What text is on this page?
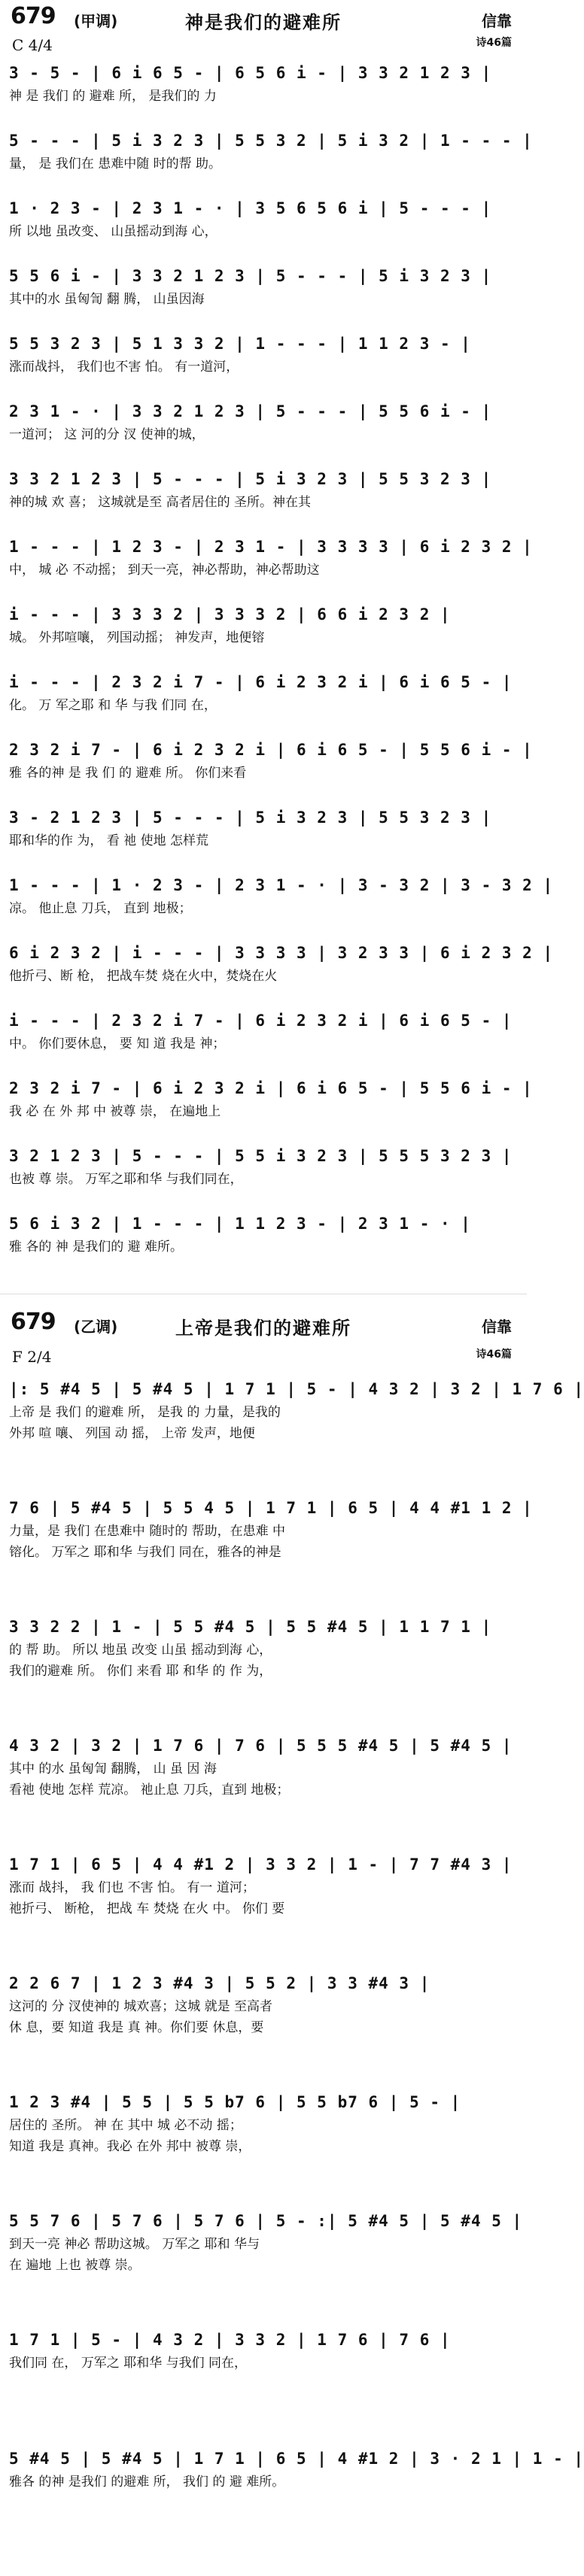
679 (甲调)	神是我们的避难所	信靠
C 4/4	诗46篇
3 - 5 - | 6 i 6 5 - | 6 5 6 i - | 3 3 2 1 2 3 |
神 是 我们 的 避难 所， 是我们的 力
5 - - - | 5 i 3 2 3 | 5 5 3 2 | 5 i 3 2 | 1 - - - |
量， 是 我们在 患难中随 时的帮 助。
1 · 2 3 - | 2 3 1 - · | 3 5 6 5 6 i | 5 - - - |
所 以地 虽改变、 山虽摇动到海 心，
5 5 6 i - | 3 3 2 1 2 3 | 5 - - - | 5 i 3 2 3 |
其中的水 虽匈訇 翻 腾， 山虽因海
5 5 3 2 3 | 5 1 3 3 2 | 1 - - - | 1 1 2 3 - |
涨而战抖， 我们也不害 怕。 有一道河，
2 3 1 - · | 3 3 2 1 2 3 | 5 - - - | 5 5 6 i - |
一道河； 这 河的分 汊 使神的城，
3 3 2 1 2 3 | 5 - - - | 5 i 3 2 3 | 5 5 3 2 3 |
神的城 欢 喜； 这城就是至 高者居住的 圣所。神在其
1 - - - | 1 2 3 - | 2 3 1 - | 3 3 3 3 | 6 i 2 3 2 |
中， 城 必 不动摇； 到天一亮，神必帮助，神必帮助这
i - - - | 3 3 3 2 | 3 3 3 2 | 6 6 i 2 3 2 |
城。 外邦喧嚷， 列国动摇； 神发声，地便镕
i - - - | 2 3 2 i 7 - | 6 i 2 3 2 i | 6 i 6 5 - |
化。 万 军之耶 和 华 与我 们同 在，
2 3 2 i 7 - | 6 i 2 3 2 i | 6 i 6 5 - | 5 5 6 i - |
雅 各的神 是 我 们 的 避难 所。 你们来看
3 - 2 1 2 3 | 5 - - - | 5 i 3 2 3 | 5 5 3 2 3 |
耶和华的作 为， 看 祂 使地 怎样荒
1 - - - | 1 · 2 3 - | 2 3 1 - · | 3 - 3 2 | 3 - 3 2 |
凉。 他止息 刀兵， 直到 地极；
6 i 2 3 2 | i - - - | 3 3 3 3 | 3 2 3 3 | 6 i 2 3 2 |
他折弓、断 枪， 把战车焚 烧在火中，焚烧在火
i - - - | 2 3 2 i 7 - | 6 i 2 3 2 i | 6 i 6 5 - |
中。 你们要休息， 要 知 道 我是 神；
2 3 2 i 7 - | 6 i 2 3 2 i | 6 i 6 5 - | 5 5 6 i - |
我 必 在 外 邦 中 被尊 崇， 在遍地上
3 2 1 2 3 | 5 - - - | 5 5 i 3 2 3 | 5 5 5 3 2 3 |
也被 尊 崇。 万军之耶和华 与我们同在，
5 6 i 3 2 | 1 - - - | 1 1 2 3 - | 2 3 1 - · |
雅 各的 神 是我们的 避 难所。
679 (乙调)	上帝是我们的避难所	信靠
F 2/4	诗46篇
|: 5 #4 5 | 5 #4 5 | 1 7 1 | 5 - | 4 3 2 | 3 2 | 1 7 6 |
上帝 是 我们 的避难 所， 是我 的 力量，是我的
外邦 喧 嚷、 列国 动 摇， 上帝 发声，地便
7 6 | 5 #4 5 | 5 5 4 5 | 1 7 1 | 6 5 | 4 4 #1 1 2 |
力量，是 我们 在患难中 随时的 帮助，在患难 中
镕化。 万军之 耶和华 与我们 同在，雅各的神是
3 3 2 2 | 1 - | 5 5 #4 5 | 5 5 #4 5 | 1 1 7 1 |
的 帮 助。 所以 地虽 改变 山虽 摇动到海 心，
我们的避难 所。 你们 来看 耶 和华 的 作 为，
4 3 2 | 3 2 | 1 7 6 | 7 6 | 5 5 5 #4 5 | 5 #4 5 |
其中 的水 虽匈訇 翻腾， 山 虽 因 海
看祂 使地 怎样 荒凉。 祂止息 刀兵，直到 地极；
1 7 1 | 6 5 | 4 4 #1 2 | 3 3 2 | 1 - | 7 7 #4 3 |
涨而 战抖， 我 们也 不害 怕。 有一 道河；
祂折弓、 断枪， 把战 车 焚烧 在火 中。 你们 要
2 2 6 7 | 1 2 3 #4 3 | 5 5 2 | 3 3 #4 3 |
这河的 分 汊使神的 城欢喜；这城 就是 至高者
休 息，要 知道 我是 真 神。你们要 休息，要
1 2 3 #4 | 5 5 | 5 5 b7 6 | 5 5 b7 6 | 5 - |
居住的 圣所。 神 在 其中 城 必不动 摇；
知道 我是 真神。我必 在外 邦中 被尊 崇，
5 5 7 6 | 5 7 6 | 5 7 6 | 5 - :| 5 #4 5 | 5 #4 5 |
到天一亮 神必 帮助这城。 万军之 耶和 华与
在 遍地 上也 被尊 崇。
1 7 1 | 5 - | 4 3 2 | 3 3 2 | 1 7 6 | 7 6 |
我们同 在， 万军之 耶和华 与我们 同在，
5 #4 5 | 5 #4 5 | 1 7 1 | 6 5 | 4 #1 2 | 3 · 2 1 | 1 - |
雅各 的神 是我们 的避难 所， 我们 的 避 难所。
